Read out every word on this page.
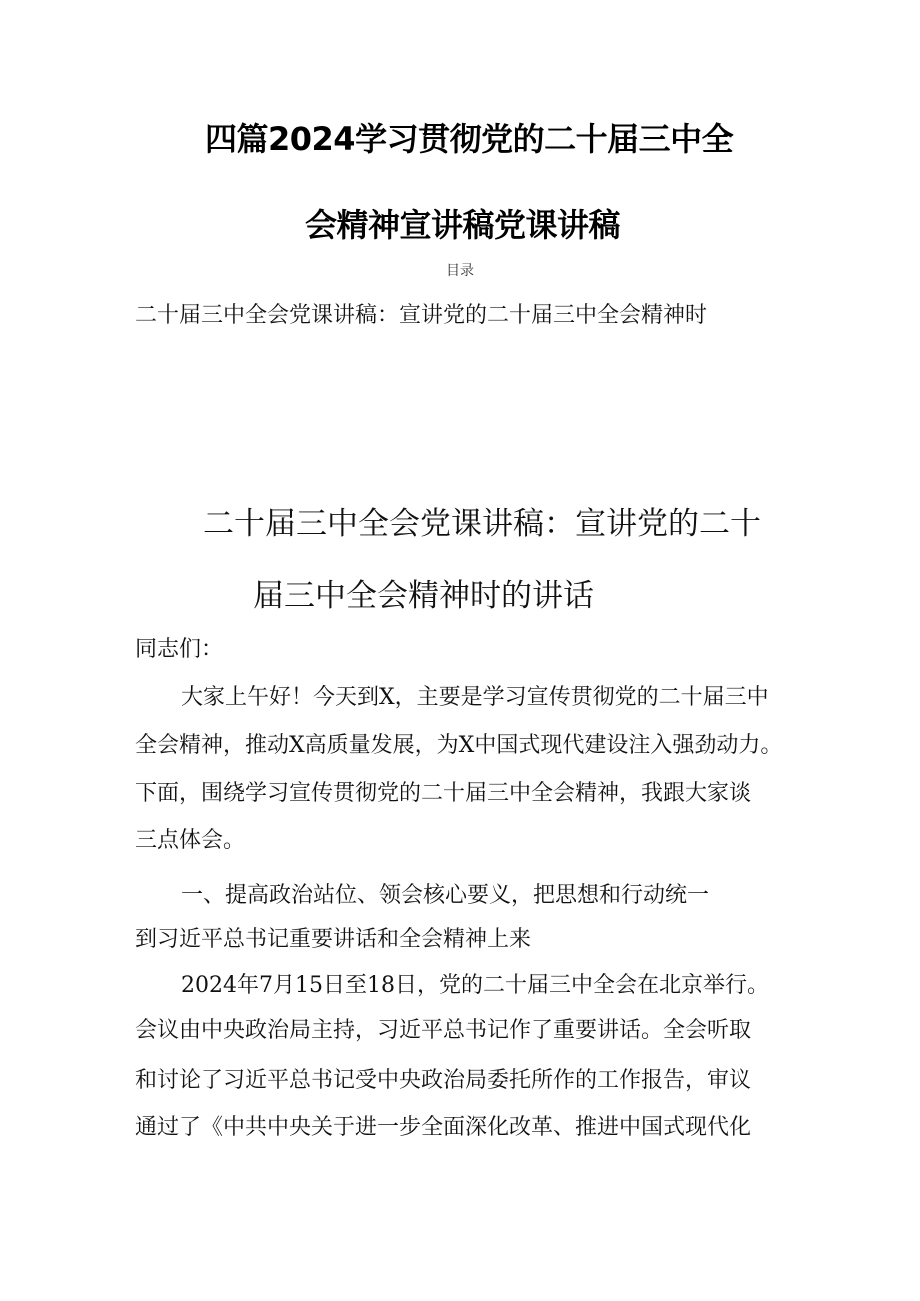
四篇2024学习贯彻党的二十届三中全
会精神宣讲稿党课讲稿
目录
二十届三中全会党课讲稿：宣讲党的二十届三中全会精神时
二十届三中全会党课讲稿：宣讲党的二十
届三中全会精神时的讲话
同志们：
大家上午好！今天到X，主要是学习宣传贯彻党的二十届三中
全会精神，推动X高质量发展，为X中国式现代建设注入强劲动力。
下面，围绕学习宣传贯彻党的二十届三中全会精神，我跟大家谈
三点体会。
一、提高政治站位、领会核心要义，把思想和行动统一
到习近平总书记重要讲话和全会精神上来
2024年7月15日至18日，党的二十届三中全会在北京举行。
会议由中央政治局主持，习近平总书记作了重要讲话。全会听取
和讨论了习近平总书记受中央政治局委托所作的工作报告，审议
通过了《中共中央关于进一步全面深化改革、推进中国式现代化
